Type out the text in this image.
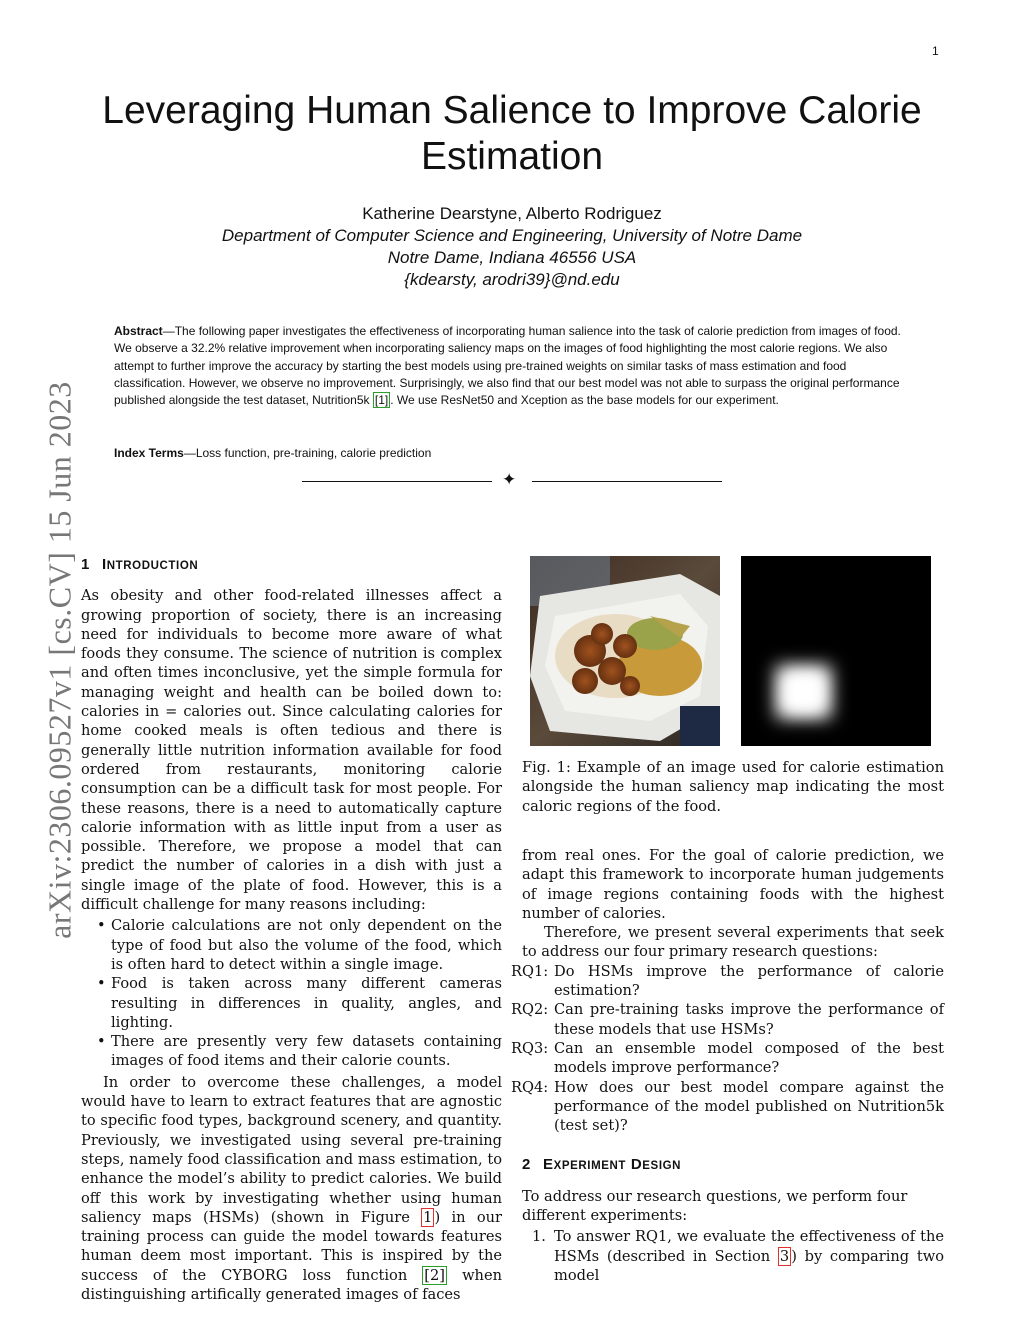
1
arXiv:2306.09527v1 [cs.CV] 15 Jun 2023
Leveraging Human Salience to Improve Calorie Estimation
Katherine Dearstyne, Alberto Rodriguez
Department of Computer Science and Engineering, University of Notre Dame
Notre Dame, Indiana 46556 USA
{kdearsty, arodri39}@nd.edu
Abstract—The following paper investigates the effectiveness of incorporating human salience into the task of calorie prediction from images of food. We observe a 32.2% relative improvement when incorporating saliency maps on the images of food highlighting the most calorie regions. We also attempt to further improve the accuracy by starting the best models using pre-trained weights on similar tasks of mass estimation and food classification. However, we observe no improvement. Surprisingly, we also find that our best model was not able to surpass the original performance published alongside the test dataset, Nutrition5k [1] . We use ResNet50 and Xception as the base models for our experiment.
Index Terms—Loss function, pre-training, calorie prediction
✦
1 INTRODUCTION

As obesity and other food-related illnesses affect a growing proportion of society, there is an increasing need for individuals to become more aware of what foods they consume. The science of nutrition is complex and often times inconclusive, yet the simple formula for managing weight and health can be boiled down to: calories in = calories out. Since calculating calories for home cooked meals is often tedious and there is generally little nutrition information available for food ordered from restaurants, monitoring calorie consumption can be a difficult task for most people. For these reasons, there is a need to automatically capture calorie information with as little input from a user as possible. Therefore, we propose a model that can predict the number of calories in a dish with just a single image of the plate of food. However, this is a difficult challenge for many reasons including:

• Calorie calculations are not only dependent on the type of food but also the volume of the food, which is often hard to detect within a single image.
• Food is taken across many different cameras resulting in differences in quality, angles, and lighting.
• There are presently very few datasets containing images of food items and their calorie counts.

In order to overcome these challenges, a model would have to learn to extract features that are agnostic to specific food types, background scenery, and quantity. Previously, we investigated using several pre-training steps, namely food classification and mass estimation, to enhance the model’s ability to predict calories. We build off this work by investigating whether using human saliency maps (HSMs) (shown in Figure 1 ) in our training process can guide the model towards features human deem most important. This is inspired by the success of the CYBORG loss function [2] when distinguishing artifically generated images of faces

Fig. 1: Example of an image used for calorie estimation alongside the human saliency map indicating the most caloric regions of the food.

from real ones. For the goal of calorie prediction, we adapt this framework to incorporate human judgements of image regions containing foods with the highest number of calories.

Therefore, we present several experiments that seek to address our four primary research questions:

RQ1: Do HSMs improve the performance of calorie estimation?

RQ2: Can pre-training tasks improve the performance of these models that use HSMs?

RQ3: Can an ensemble model composed of the best models improve performance?

RQ4: How does our best model compare against the performance of the model published on Nutrition5k (test set)?

2 EXPERIMENT DESIGN

To address our research questions, we perform four different experiments:

1. To answer RQ1, we evaluate the effectiveness of the HSMs (described in Section 3 ) by comparing two model
